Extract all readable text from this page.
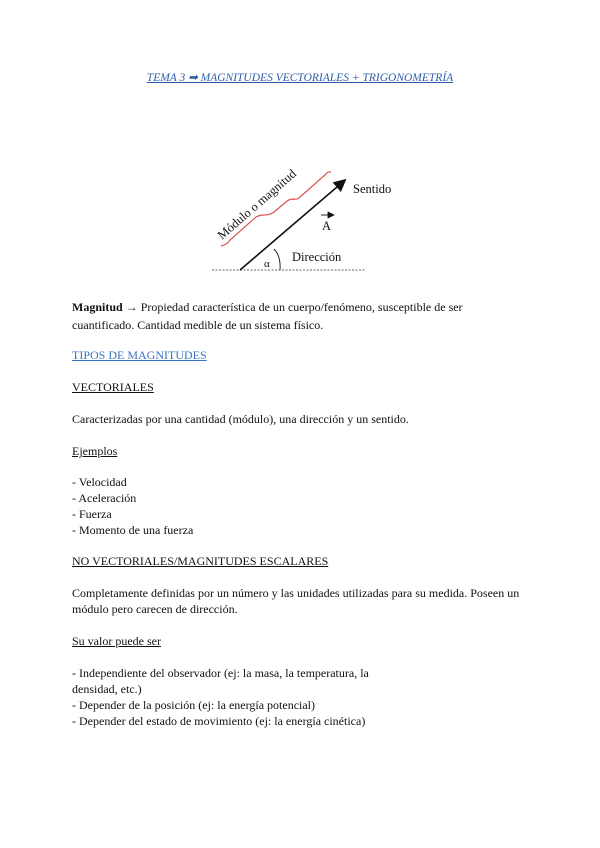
TEMA 3 ➡ MAGNITUDES VECTORIALES + TRIGONOMETRÍA
Módulo o magnitud	Sentido
A
α Dirección
Magnitud → Propiedad característica de un cuerpo/fenómeno, susceptible de ser
cuantificado. Cantidad medible de un sistema físico.
TIPOS DE MAGNITUDES
VECTORIALES
Caracterizadas por una cantidad (módulo), una dirección y un sentido.
Ejemplos
- Velocidad
- Aceleración
- Fuerza
- Momento de una fuerza
NO VECTORIALES/MAGNITUDES ESCALARES
Completamente definidas por un número y las unidades utilizadas para su medida. Poseen un
módulo pero carecen de dirección.
Su valor puede ser
- Independiente del observador (ej: la masa, la temperatura, la
densidad, etc.)
- Depender de la posición (ej: la energía potencial)
- Depender del estado de movimiento (ej: la energía cinética)
